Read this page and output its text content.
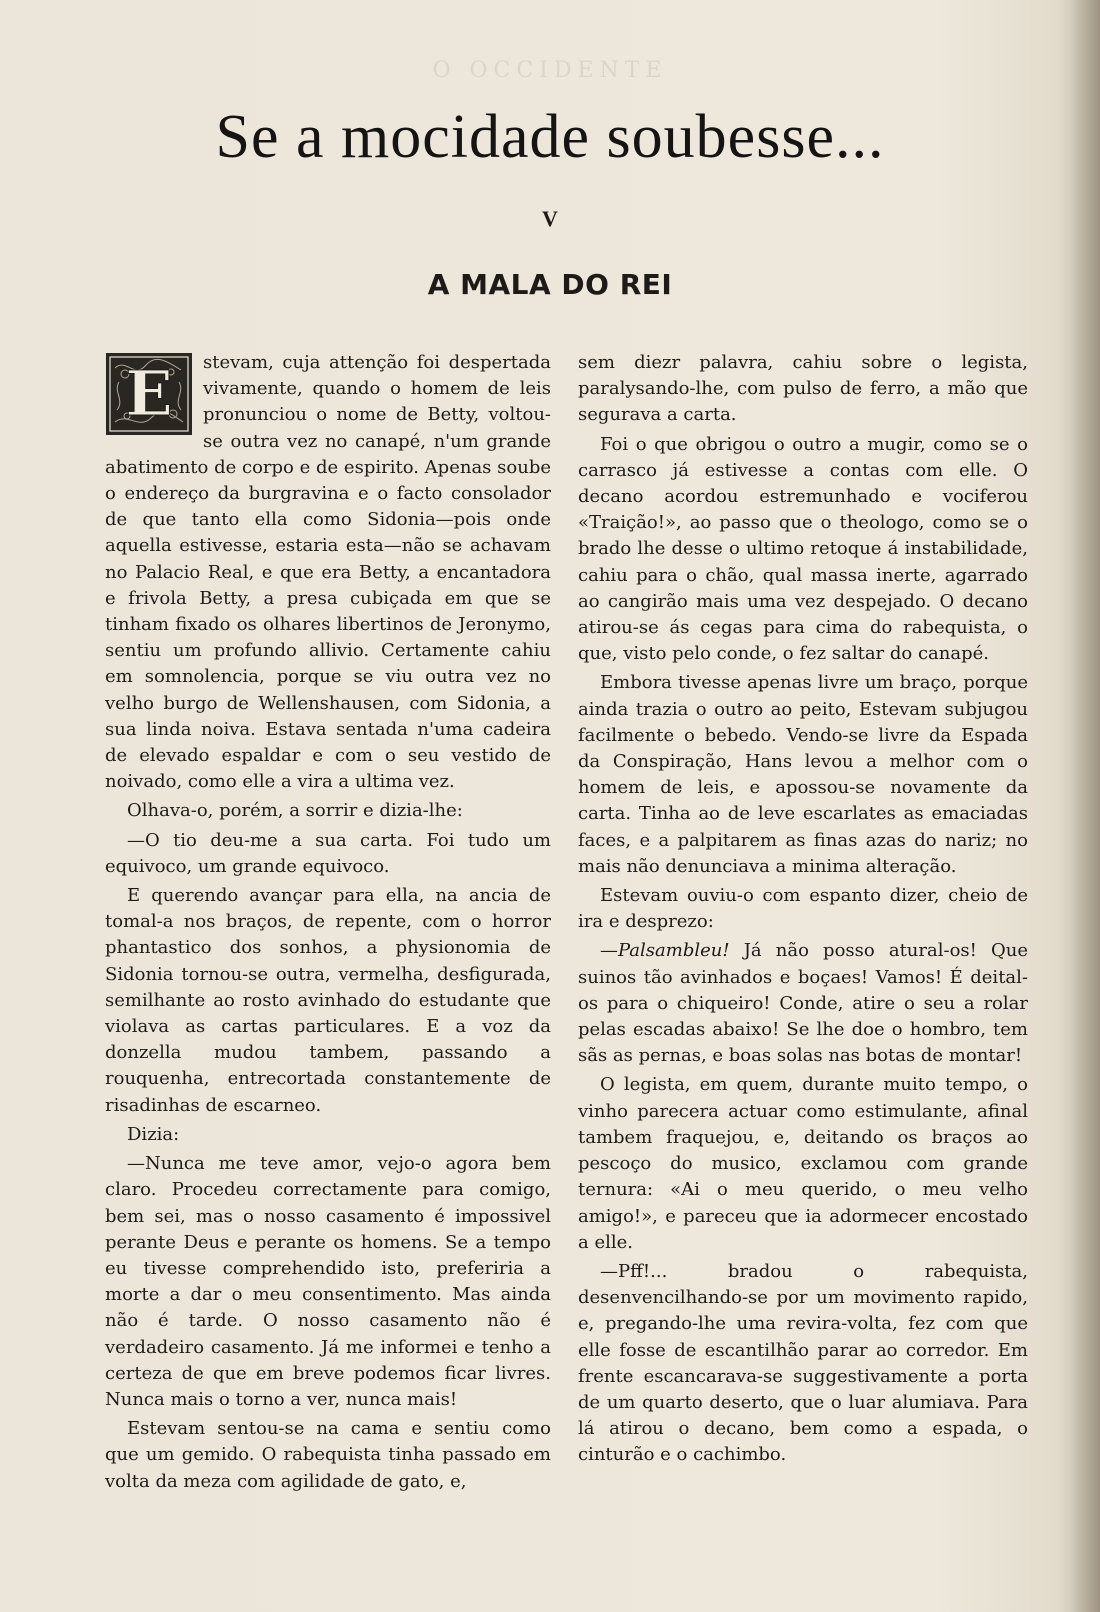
O OCCIDENTE
Se a mocidade soubesse...
V
A MALA DO REI

E	stevam, cuja attenção foi despertada vivamente, quando o homem de leis pronunciou o nome de Betty, voltou-se outra vez no canapé, n'um grande abatimento de corpo e de espirito. Apenas soube o endereço da burgravina e o facto consolador de que tanto ella como Sidonia—pois onde aquella estivesse, estaria esta—não se achavam no Palacio Real, e que era Betty, a encantadora e frivola Betty, a presa cubiçada em que se tinham fixado os olhares libertinos de Jeronymo, sentiu um profundo allivio. Certamente cahiu em somnolencia, porque se viu outra vez no velho burgo de Wellenshausen, com Sidonia, a sua linda noiva. Estava sentada n'uma cadeira de elevado espaldar e com o seu vestido de noivado, como elle a vira a ultima vez.

Olhava-o, porém, a sorrir e dizia-lhe:

—O tio deu-me a sua carta. Foi tudo um equivoco, um grande equivoco.

E querendo avançar para ella, na ancia de tomal-a nos braços, de repente, com o horror phantastico dos sonhos, a physionomia de Sidonia tornou-se outra, vermelha, desfigurada, semilhante ao rosto avinhado do estudante que violava as cartas particulares. E a voz da donzella mudou tambem, passando a rouquenha, entrecortada constantemente de risadinhas de escarneo.

Dizia:

—Nunca me teve amor, vejo-o agora bem claro. Procedeu correctamente para comigo, bem sei, mas o nosso casamento é impossivel perante Deus e perante os homens. Se a tempo eu tivesse comprehendido isto, preferiria a morte a dar o meu consentimento. Mas ainda não é tarde. O nosso casamento não é verdadeiro casamento. Já me informei e tenho a certeza de que em breve podemos ficar livres. Nunca mais o torno a ver, nunca mais!

Estevam sentou-se na cama e sentiu como que um gemido. O rabequista tinha passado em volta da meza com agilidade de gato, e,

sem diezr palavra, cahiu sobre o legista, paralysando-lhe, com pulso de ferro, a mão que segurava a carta.

Foi o que obrigou o outro a mugir, como se o carrasco já estivesse a contas com elle. O decano acordou estremunhado e vociferou «Traição!», ao passo que o theologo, como se o brado lhe desse o ultimo retoque á instabilidade, cahiu para o chão, qual massa inerte, agarrado ao cangirão mais uma vez despejado. O decano atirou-se ás cegas para cima do rabequista, o que, visto pelo conde, o fez saltar do canapé.

Embora tivesse apenas livre um braço, porque ainda trazia o outro ao peito, Estevam subjugou facilmente o bebedo. Vendo-se livre da Espada da Conspiração, Hans levou a melhor com o homem de leis, e apossou-se novamente da carta. Tinha ao de leve escarlates as emaciadas faces, e a palpitarem as finas azas do nariz; no mais não denunciava a minima alteração.

Estevam ouviu-o com espanto dizer, cheio de ira e desprezo:

—Palsambleu! Já não posso atural-os! Que suinos tão avinhados e boçaes! Vamos! É deital-os para o chiqueiro! Conde, atire o seu a rolar pelas escadas abaixo! Se lhe doe o hombro, tem sãs as pernas, e boas solas nas botas de montar!

O legista, em quem, durante muito tempo, o vinho parecera actuar como estimulante, afinal tambem fraquejou, e, deitando os braços ao pescoço do musico, exclamou com grande ternura: «Ai o meu querido, o meu velho amigo!», e pareceu que ia adormecer encostado a elle.

—Pff!... bradou o rabequista, desenvencilhando-se por um movimento rapido, e, pregando-lhe uma revira-volta, fez com que elle fosse de escantilhão parar ao corredor. Em frente escancarava-se suggestivamente a porta de um quarto deserto, que o luar alumiava. Para lá atirou o decano, bem como a espada, o cinturão e o cachimbo.
